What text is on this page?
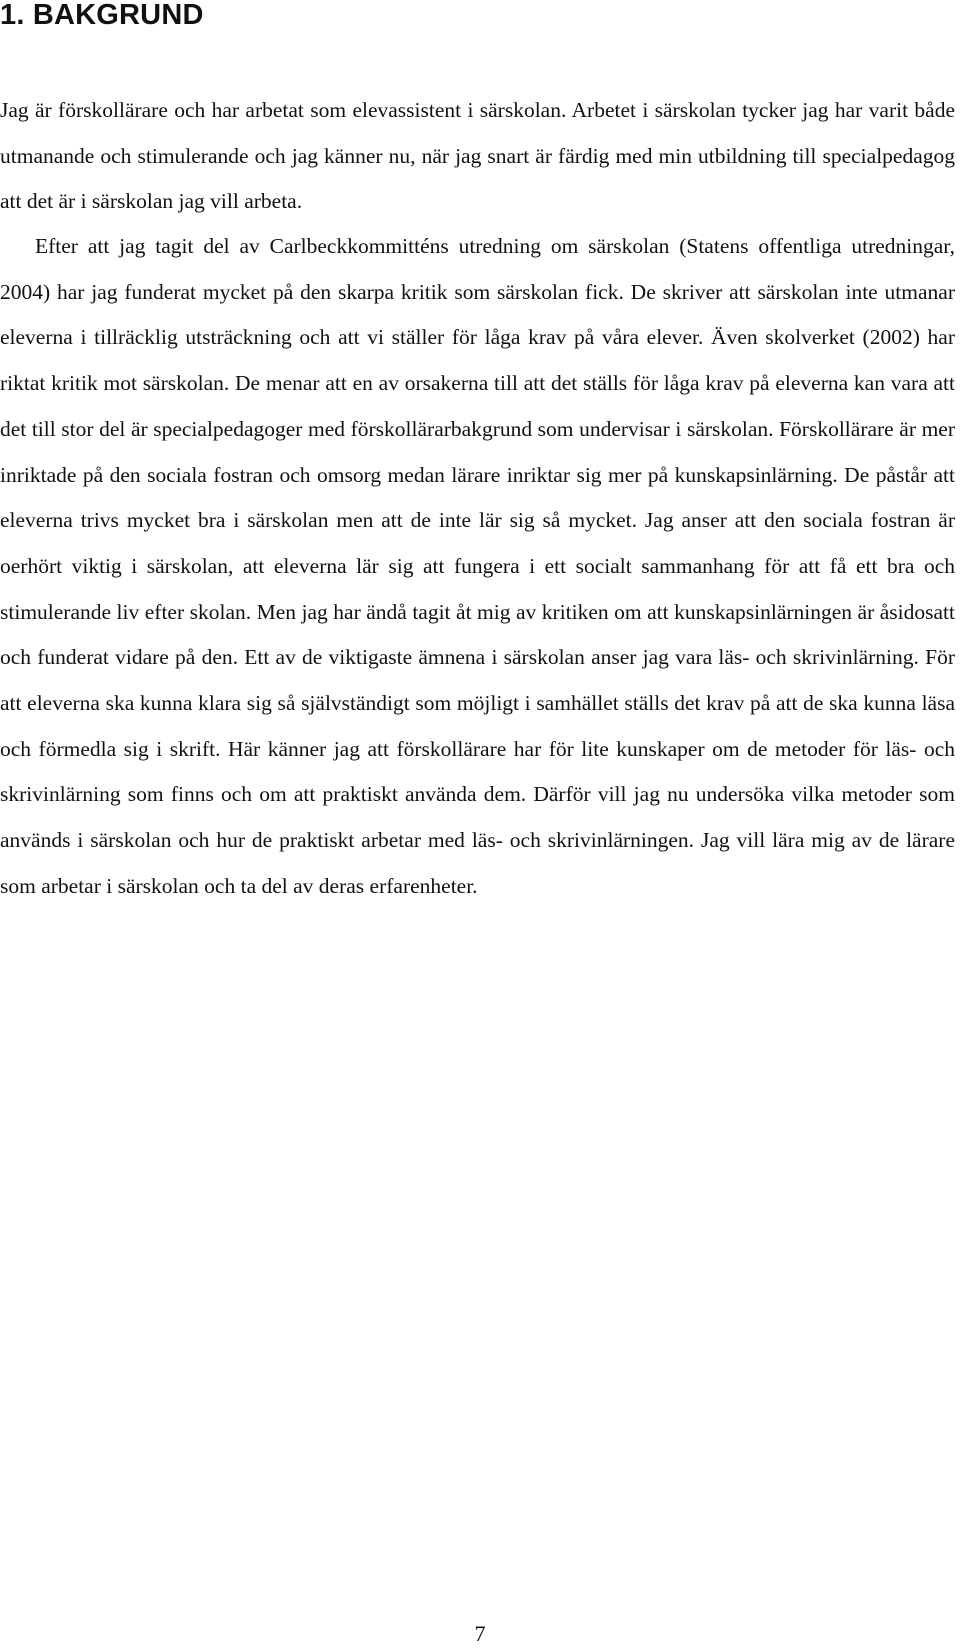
1. BAKGRUND

Jag är förskollärare och har arbetat som elevassistent i särskolan. Arbetet i särskolan tycker jag har varit både utmanande och stimulerande och jag känner nu, när jag snart är färdig med min utbildning till specialpedagog att det är i särskolan jag vill arbeta.

Efter att jag tagit del av Carlbeckkommitténs utredning om särskolan (Statens offentliga utredningar, 2004) har jag funderat mycket på den skarpa kritik som särskolan fick. De skriver att särskolan inte utmanar eleverna i tillräcklig utsträckning och att vi ställer för låga krav på våra elever. Även skolverket (2002) har riktat kritik mot särskolan. De menar att en av orsakerna till att det ställs för låga krav på eleverna kan vara att det till stor del är specialpedagoger med förskollärarbakgrund som undervisar i särskolan. Förskollärare är mer inriktade på den sociala fostran och omsorg medan lärare inriktar sig mer på kunskapsinlärning. De påstår att eleverna trivs mycket bra i särskolan men att de inte lär sig så mycket. Jag anser att den sociala fostran är oerhört viktig i särskolan, att eleverna lär sig att fungera i ett socialt sammanhang för att få ett bra och stimulerande liv efter skolan. Men jag har ändå tagit åt mig av kritiken om att kunskapsinlärningen är åsidosatt och funderat vidare på den. Ett av de viktigaste ämnena i särskolan anser jag vara läs- och skrivinlärning. För att eleverna ska kunna klara sig så självständigt som möjligt i samhället ställs det krav på att de ska kunna läsa och förmedla sig i skrift. Här känner jag att förskollärare har för lite kunskaper om de metoder för läs- och skrivinlärning som finns och om att praktiskt använda dem. Därför vill jag nu undersöka vilka metoder som används i särskolan och hur de praktiskt arbetar med läs- och skrivinlärningen. Jag vill lära mig av de lärare som arbetar i särskolan och ta del av deras erfarenheter.

7
